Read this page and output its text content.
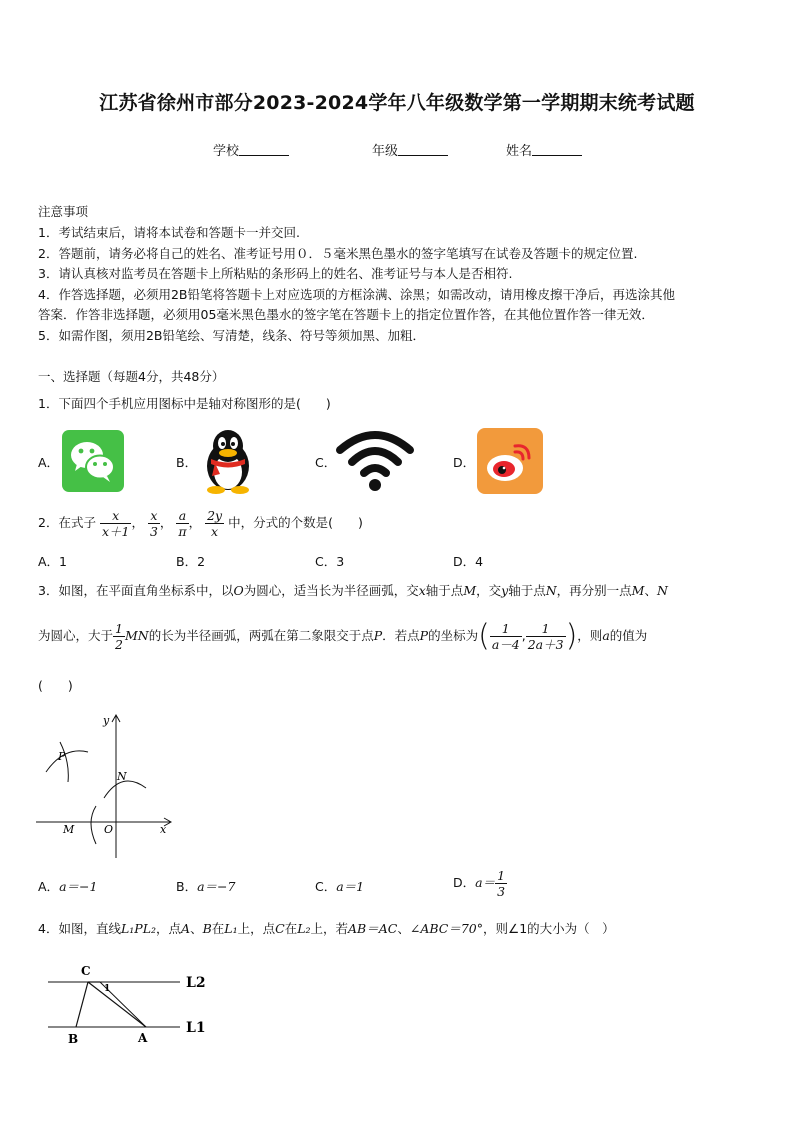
江苏省徐州市部分2023-2024学年八年级数学第一学期期末统考试题
学校	年级	姓名
注意事项
1．考试结束后，请将本试卷和答题卡一并交回.
2．答题前，请务必将自己的姓名、准考证号用０．５毫米黑色墨水的签字笔填写在试卷及答题卡的规定位置.
3．请认真核对监考员在答题卡上所粘贴的条形码上的姓名、准考证号与本人是否相符.
4．作答选择题，必须用2B铅笔将答题卡上对应选项的方框涂满、涂黑；如需改动，请用橡皮擦干净后，再选涂其他
答案．作答非选择题，必须用05毫米黑色墨水的签字笔在答题卡上的指定位置作答，在其他位置作答一律无效．
5．如需作图，须用2B铅笔绘、写清楚，线条、符号等须加黑、加粗．
一、选择题（每题4分，共48分）
1．下面四个手机应用图标中是轴对称图形的是(　　)
A．	B．	C．	D．
2．在式子 $\frac{x}{x+1}$ ， $\frac{x}{3}$ ， $\frac{a}{\pi}$ ， $\frac{2y}{x}$ 中，分式的个数是(　　)
A．1	B．2	C．3	D．4
3．如图，在平面直角坐标系中，以O为圆心，适当长为半径画弧，交x轴于点M，交y轴于点N，再分别一点M、N
为圆心，大于 $\frac{1}{2}$ MN的长为半径画弧，两弧在第二象限交于点P．若点P的坐标为( $\frac{1}{a-4}$ , $\frac{1}{2a+3}$ )，则a的值为
(　　)
y
P
N
M	O	x
A．a＝−1	B．a＝−7	C．a＝1	D．$a= \frac{1}{3}$
4．如图，直线L₁PL₂，点A、B在L₁上，点C在L₂上，若AB＝AC、∠ABC＝70°，则∠1的大小为（　）
C
1	L2
L1
B	A
